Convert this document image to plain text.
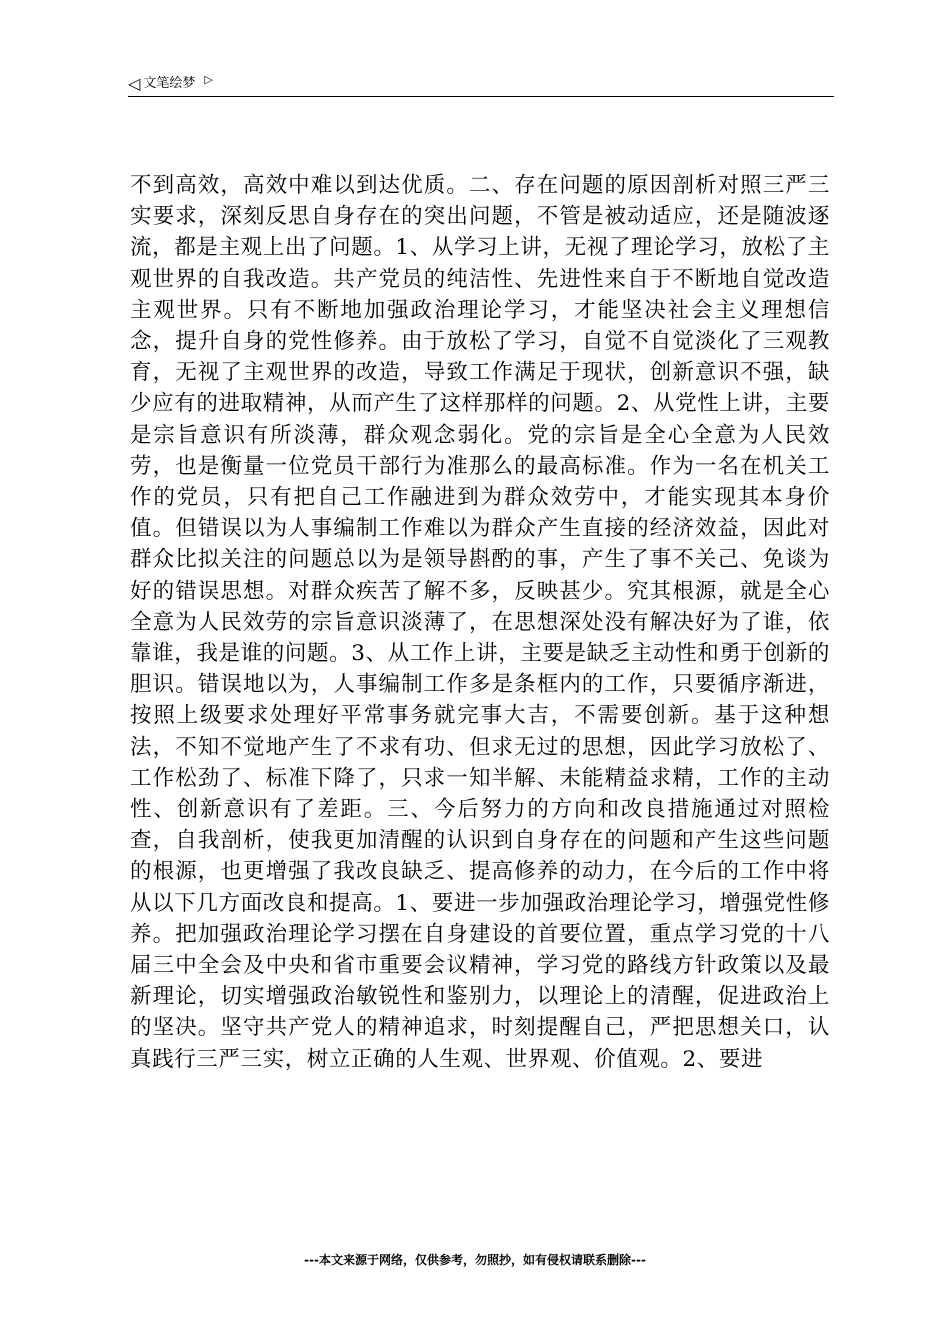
◁ 文笔绘梦 ▷
不到高效，高效中难以到达优质。二、存在问题的原因剖析对照三严三实要求，深刻反思自身存在的突出问题，不管是被动适应，还是随波逐流，都是主观上出了问题。1、从学习上讲，无视了理论学习，放松了主观世界的自我改造。共产党员的纯洁性、先进性来自于不断地自觉改造主观世界。只有不断地加强政治理论学习，才能坚决社会主义理想信念，提升自身的党性修养。由于放松了学习，自觉不自觉淡化了三观教育，无视了主观世界的改造，导致工作满足于现状，创新意识不强，缺少应有的进取精神，从而产生了这样那样的问题。2、从党性上讲，主要是宗旨意识有所淡薄，群众观念弱化。党的宗旨是全心全意为人民效劳，也是衡量一位党员干部行为准那么的最高标准。作为一名在机关工作的党员，只有把自己工作融进到为群众效劳中，才能实现其本身价值。但错误以为人事编制工作难以为群众产生直接的经济效益，因此对群众比拟关注的问题总以为是领导斟酌的事，产生了事不关己、免谈为好的错误思想。对群众疾苦了解不多，反映甚少。究其根源，就是全心全意为人民效劳的宗旨意识淡薄了，在思想深处没有解决好为了谁，依靠谁，我是谁的问题。3、从工作上讲，主要是缺乏主动性和勇于创新的胆识。错误地以为，人事编制工作多是条框内的工作，只要循序渐进，按照上级要求处理好平常事务就完事大吉，不需要创新。基于这种想法，不知不觉地产生了不求有功、但求无过的思想，因此学习放松了、工作松劲了、标准下降了，只求一知半解、未能精益求精，工作的主动性、创新意识有了差距。三、今后努力的方向和改良措施通过对照检查，自我剖析，使我更加清醒的认识到自身存在的问题和产生这些问题的根源，也更增强了我改良缺乏、提高修养的动力，在今后的工作中将从以下几方面改良和提高。1、要进一步加强政治理论学习，增强党性修养。把加强政治理论学习摆在自身建设的首要位置，重点学习党的十八届三中全会及中央和省市重要会议精神，学习党的路线方针政策以及最新理论，切实增强政治敏锐性和鉴别力，以理论上的清醒，促进政治上的坚决。坚守共产党人的精神追求，时刻提醒自己，严把思想关口，认真践行三严三实，树立正确的人生观、世界观、价值观。2、要进
---本文来源于网络，仅供参考，勿照抄，如有侵权请联系删除---
